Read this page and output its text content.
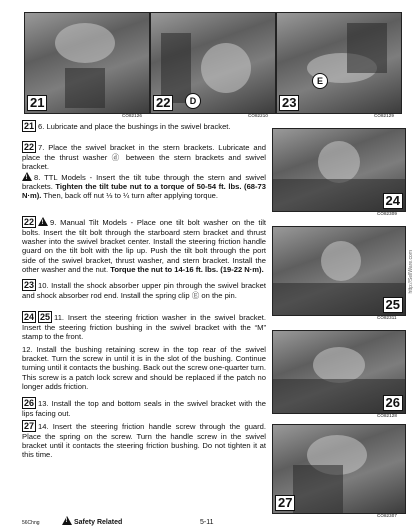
21
CO82126
22	D
CO82210
23
E
CO82129
24
CO82309
25
CO82311
26
CO82128
27
CO82307
21 6. Lubricate and place the bushings in the swivel bracket.
22 7. Place the swivel bracket in the stern brackets. Lubricate and place the thrust washer ⓓ between the stern brackets and swivel bracket.
!8. TTL Models - Insert the tilt tube through the stern and swivel brackets. Tighten the tilt tube nut to a torque of 50-54 ft. lbs. (68-73 N·m). Then, back off nut ⅓ to ¼ turn after applying torque.
22 ! 9. Manual Tilt Models - Place one tilt bolt washer on the tilt bolts. Insert the tilt bolt through the starboard stern bracket and thrust washer into the swivel bracket center. Install the steering friction handle guard on the tilt bolt with the lip up. Push the tilt bolt through the port side of the swivel bracket, thrust washer, and stern bracket. Install the other washer and the nut. Torque the nut to 14-16 ft. lbs. (19-22 N·m).
23 10. Install the shock absorber upper pin through the swivel bracket and shock absorber rod end. Install the spring clip Ⓔ on the pin.
24 25 11. Insert the steering friction washer in the swivel bracket. Insert the steering friction bushing in the swivel bracket with the “M” stamp to the front.
12. Install the bushing retaining screw in the top rear of the swivel bracket. Turn the screw in until it is in the slot of the bushing. Continue turning until it contacts the bushing. Back out the screw one-quarter turn. This screw is a patch lock screw and should be replaced if the patch no longer adds friction.
26 13. Install the top and bottom seals in the swivel bracket with the lips facing out.
27 14. Insert the steering friction handle screw through the guard. Place the spring on the screw. Turn the handle screw in the swivel bracket until it contacts the steering friction bushing. Do not tighten it at this time.
56Chng !	Safety Related	5-11
http://SellWare.com
